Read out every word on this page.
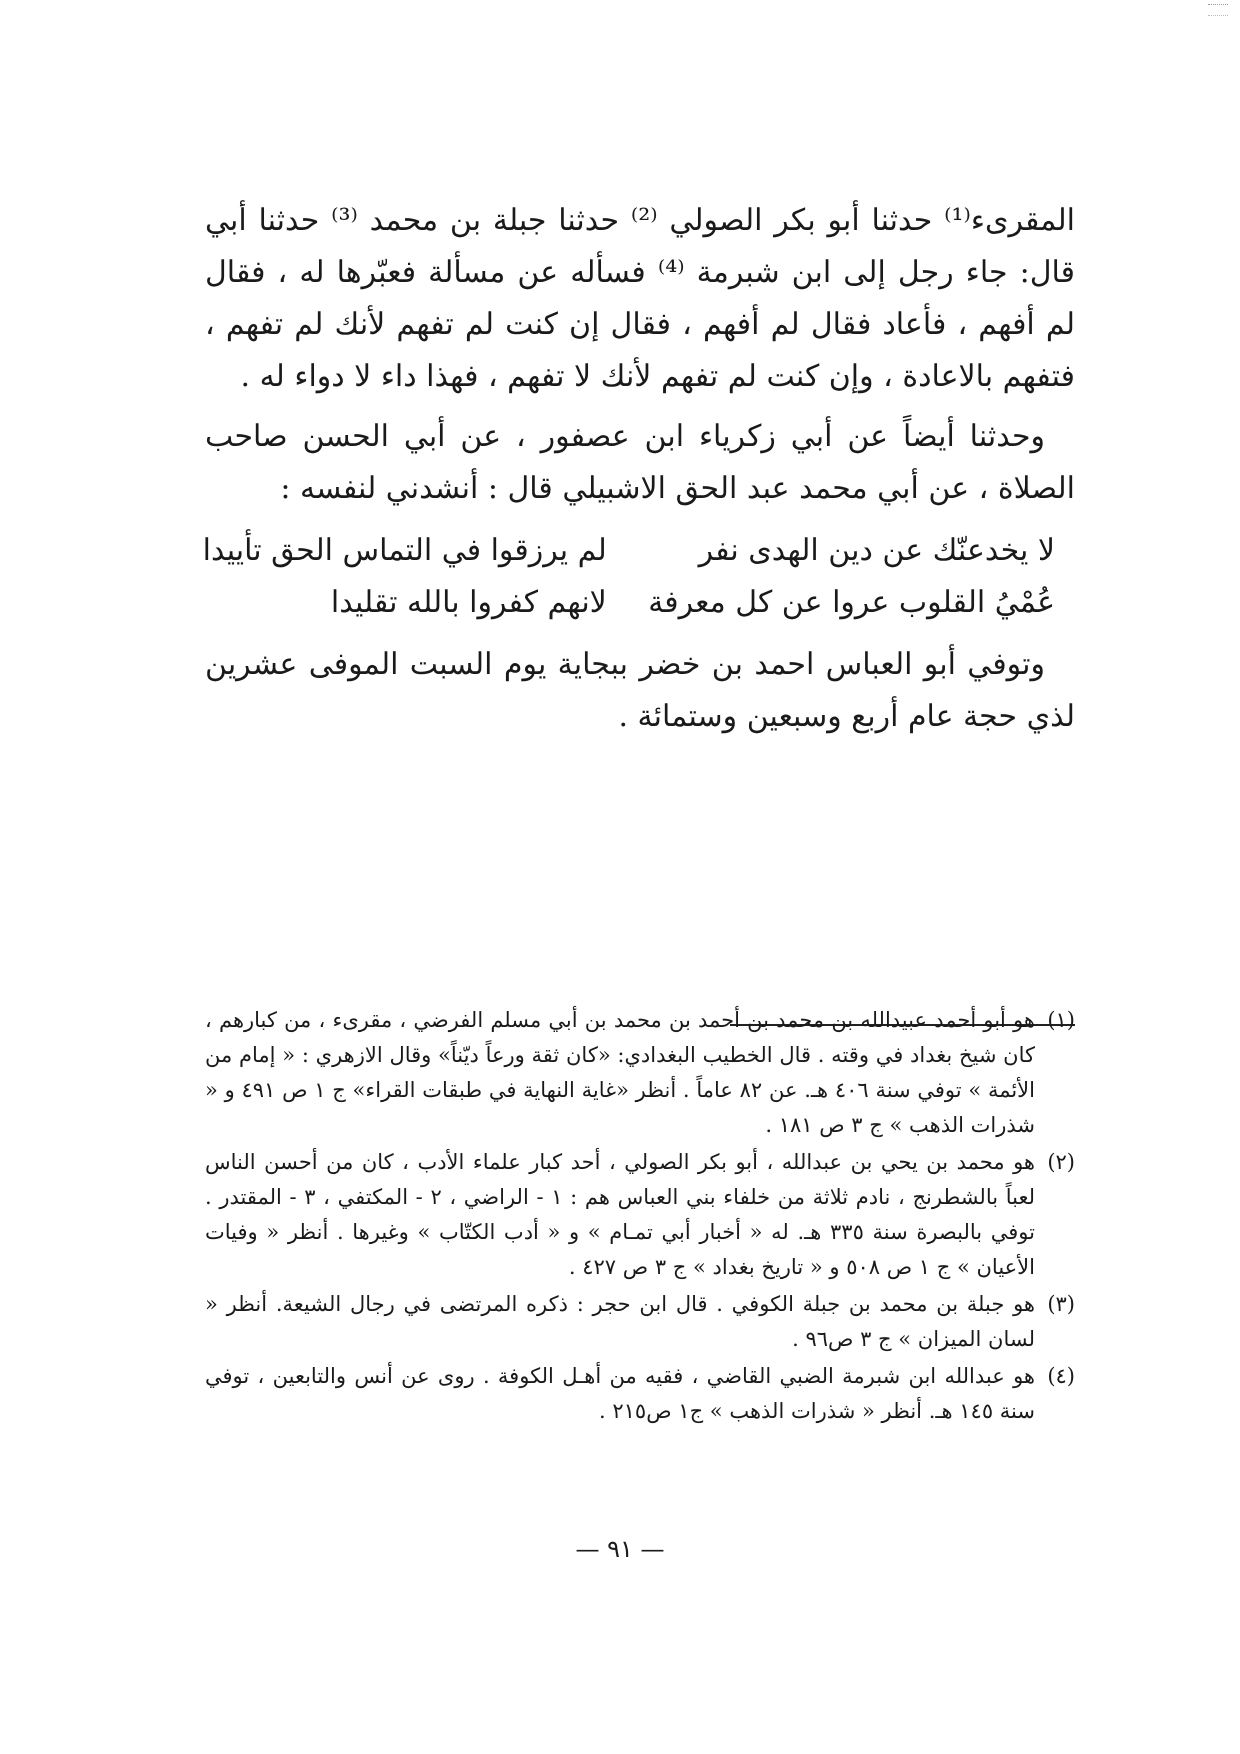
المقرىء⁽¹⁾ حدثنا أبو بكر الصولي ⁽²⁾ حدثنا جبلة بن محمد ⁽³⁾ حدثنا أبي قال: جاء رجل إلى ابن شبرمة ⁽⁴⁾ فسأله عن مسألة فعبّرها له ، فقال لم أفهم ، فأعاد فقال لم أفهم ، فقال إن كنت لم تفهم لأنك لم تفهم ، فتفهم بالاعادة ، وإن كنت لم تفهم لأنك لا تفهم ، فهذا داء لا دواء له .

وحدثنا أيضاً عن أبي زكرياء ابن عصفور ، عن أبي الحسن صاحب الصلاة ، عن أبي محمد عبد الحق الاشبيلي قال : أنشدني لنفسه :

لا يخدعنّك عن دين الهدى نفر
لم يرزقوا في التماس الحق تأييدا
عُمْيُ القلوب عروا عن كل معرفة
لانهم كفروا بالله تقليدا

وتوفي أبو العباس احمد بن خضر ببجاية يوم السبت الموفى عشرين لذي حجة عام أربع وسبعين وستمائة .

(١)
هو أبو أحمد عبيدالله بن محمد بن أحمد بن محمد بن أبي مسلم الفرضي ، مقرىء ، من كبارهم ، كان شيخ بغداد في وقته . قال الخطيب البغدادي: «كان ثقة ورعاً ديّناً» وقال الازهري : « إمام من الأئمة » توفي سنة ٤٠٦ هـ. عن ٨٢ عاماً . أنظر «غاية النهاية في طبقات القراء» ج ١ ص ٤٩١ و « شذرات الذهب » ج ٣ ص ١٨١ .
(٢)
هو محمد بن يحي بن عبدالله ، أبو بكر الصولي ، أحد كبار علماء الأدب ، كان من أحسن الناس لعباً بالشطرنج ، نادم ثلاثة من خلفاء بني العباس هم : ١ - الراضي ، ٢ - المكتفي ، ٣ - المقتدر . توفي بالبصرة سنة ٣٣٥ هـ. له « أخبار أبي تمـام » و « أدب الكتّاب » وغيرها . أنظر « وفيات الأعيان » ج ١ ص ٥٠٨ و « تاريخ بغداد » ج ٣ ص ٤٢٧ .
(٣)
هو جبلة بن محمد بن جبلة الكوفي . قال ابن حجر : ذكره المرتضى في رجال الشيعة. أنظر « لسان الميزان » ج ٣ ص٩٦ .
(٤)
هو عبدالله ابن شبرمة الضبي القاضي ، فقيه من أهـل الكوفة . روى عن أنس والتابعين ، توفي سنة ١٤٥ هـ. أنظر « شذرات الذهب » ج١ ص٢١٥ .
— ٩١ —
